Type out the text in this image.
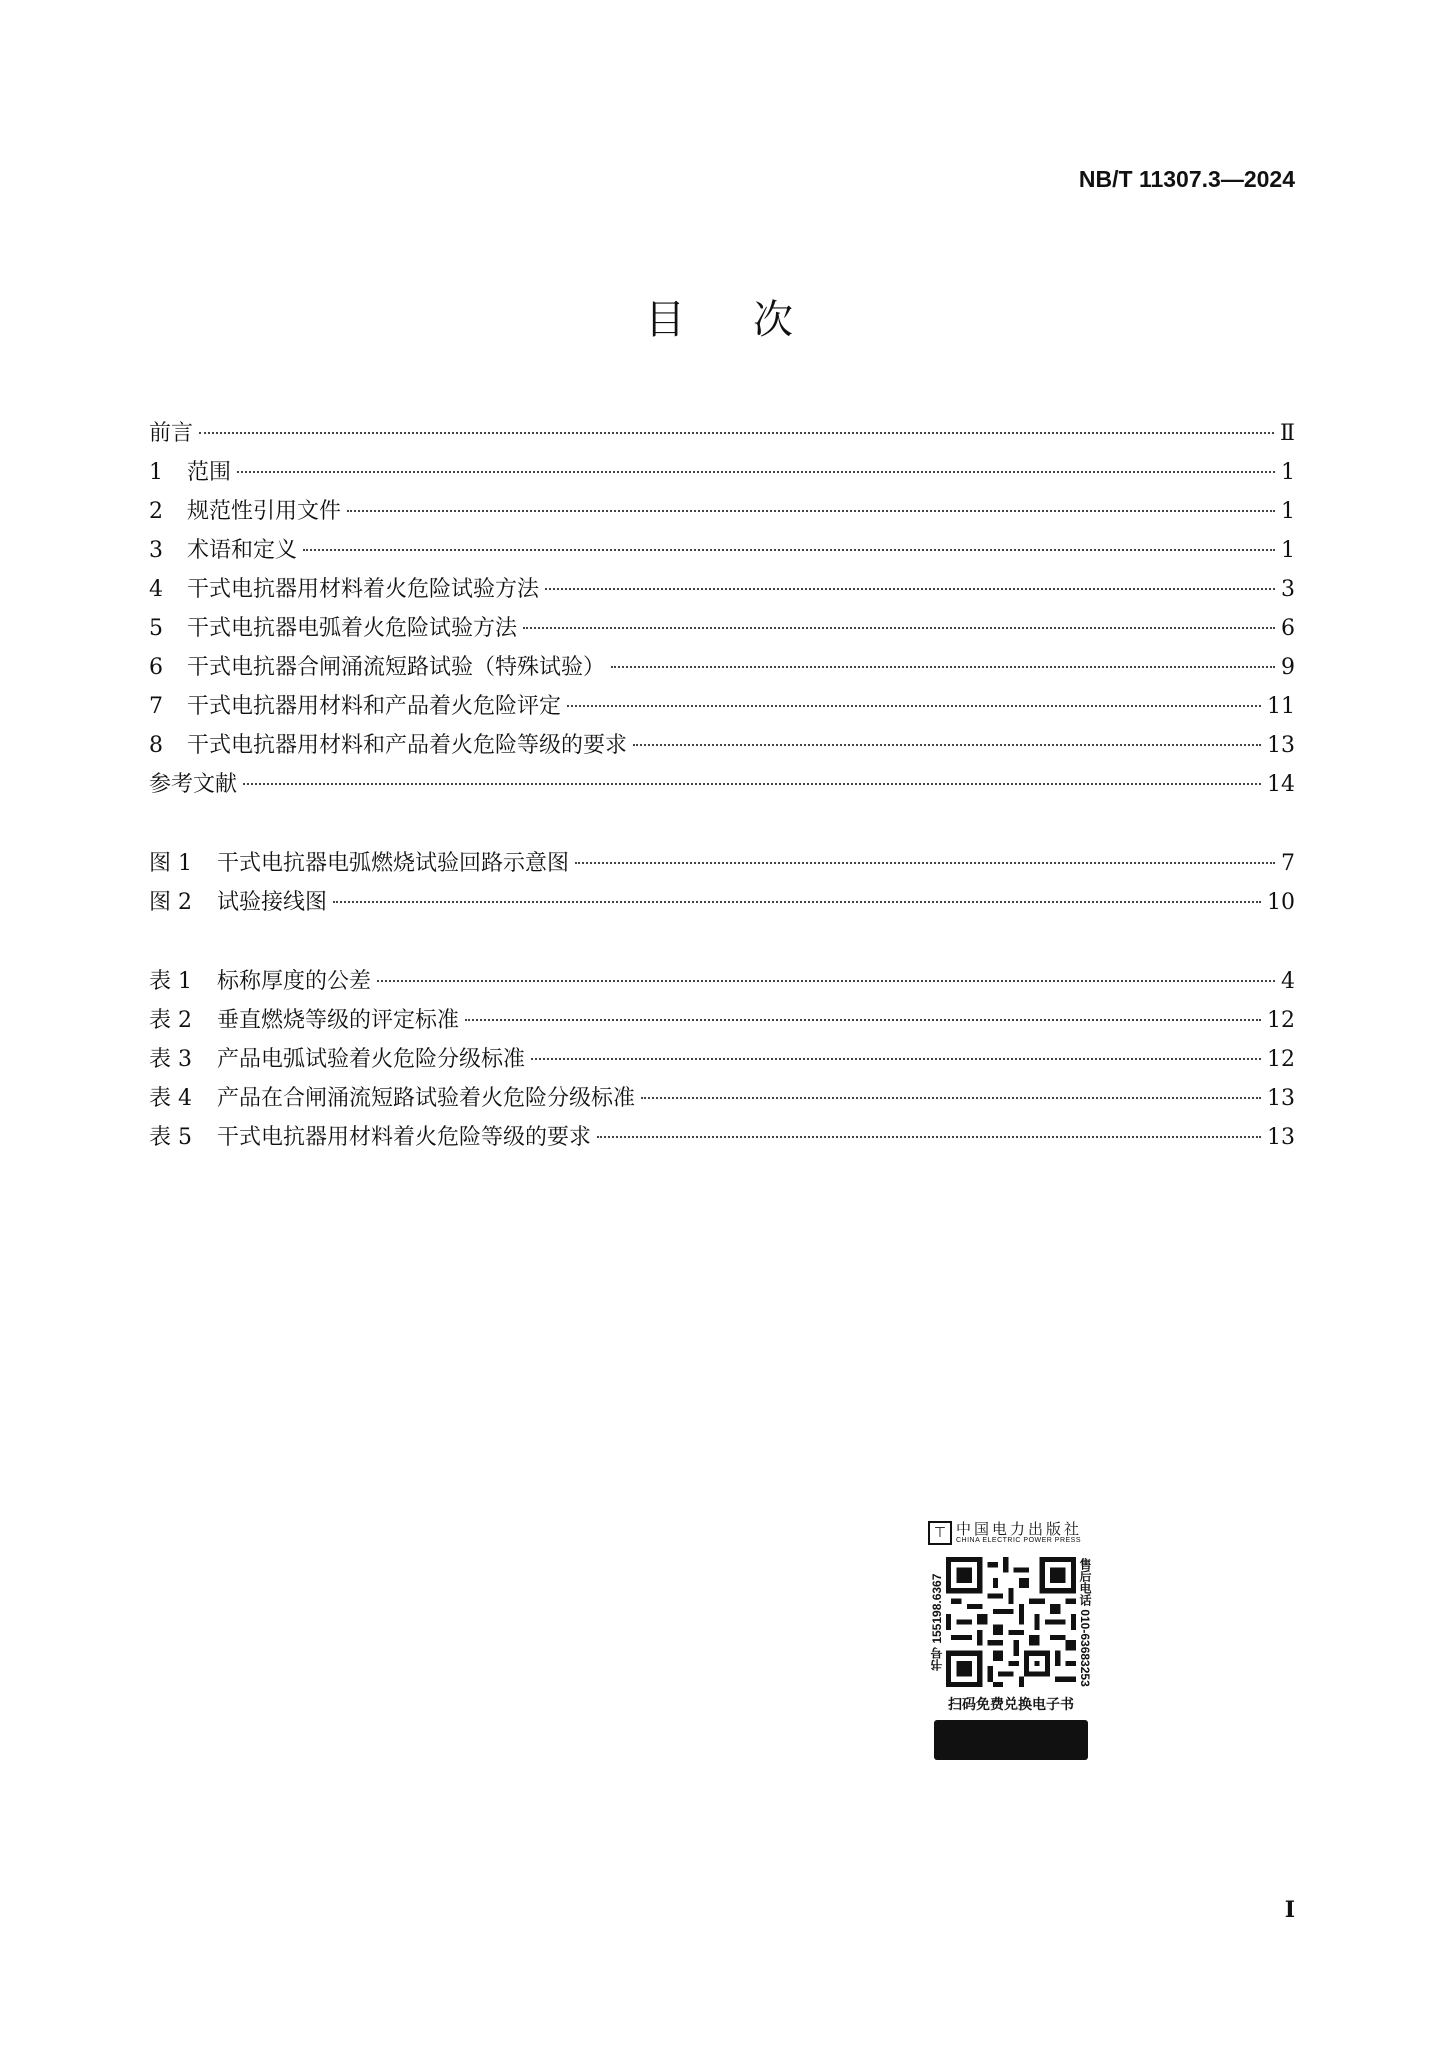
NB/T 11307.3—2024
目次
前言	Ⅱ
1	范围	1
2	规范性引用文件	1
3	术语和定义	1
4	干式电抗器用材料着火危险试验方法	3
5	干式电抗器电弧着火危险试验方法	6
6	干式电抗器合闸涌流短路试验（特殊试验）	9
7	干式电抗器用材料和产品着火危险评定	11
8	干式电抗器用材料和产品着火危险等级的要求	13
参考文献	14
图 1	干式电抗器电弧燃烧试验回路示意图	7
图 2	试验接线图	10
表 1	标称厚度的公差	4
表 2	垂直燃烧等级的评定标准	12
表 3	产品电弧试验着火危险分级标准	12
表 4	产品在合闸涌流短路试验着火危险分级标准	13
表 5	干式电抗器用材料着火危险等级的要求	13
⊤ 中国电力出版社
CHINA ELECTRIC POWER PRESS
书号 155198.6367	售后电话 010-63683253
扫码免费兑换电子书
I
